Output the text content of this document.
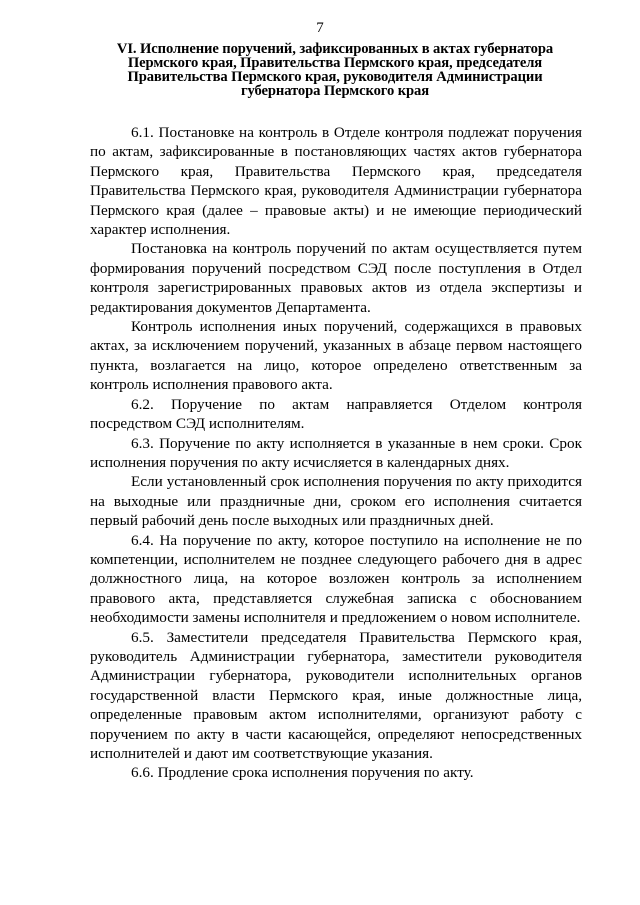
7
VI. Исполнение поручений, зафиксированных в актах губернатора
Пермского края, Правительства Пермского края, председателя
Правительства Пермского края, руководителя Администрации
губернатора Пермского края

6.1. Постановке на контроль в Отделе контроля подлежат поручения по актам, зафиксированные в постановляющих частях актов губернатора Пермского края, Правительства Пермского края, председателя Правительства Пермского края, руководителя Администрации губернатора Пермского края (далее – правовые акты) и не имеющие периодический характер исполнения.

Постановка на контроль поручений по актам осуществляется путем формирования поручений посредством СЭД после поступления в Отдел контроля зарегистрированных правовых актов из отдела экспертизы и редактирования документов Департамента.

Контроль исполнения иных поручений, содержащихся в правовых актах, за исключением поручений, указанных в абзаце первом настоящего пункта, возлагается на лицо, которое определено ответственным за контроль исполнения правового акта.

6.2. Поручение по актам направляется Отделом контроля посредством СЭД исполнителям.

6.3. Поручение по акту исполняется в указанные в нем сроки. Срок исполнения поручения по акту исчисляется в календарных днях.

Если установленный срок исполнения поручения по акту приходится на выходные или праздничные дни, сроком его исполнения считается первый рабочий день после выходных или праздничных дней.

6.4. На поручение по акту, которое поступило на исполнение не по компетенции, исполнителем не позднее следующего рабочего дня в адрес должностного лица, на которое возложен контроль за исполнением правового акта, представляется служебная записка с обоснованием необходимости замены исполнителя и предложением о новом исполнителе.

6.5. Заместители председателя Правительства Пермского края, руководитель Администрации губернатора, заместители руководителя Администрации губернатора, руководители исполнительных органов государственной власти Пермского края, иные должностные лица, определенные правовым актом исполнителями, организуют работу с поручением по акту в части касающейся, определяют непосредственных исполнителей и дают им соответствующие указания.

6.6. Продление срока исполнения поручения по акту.
